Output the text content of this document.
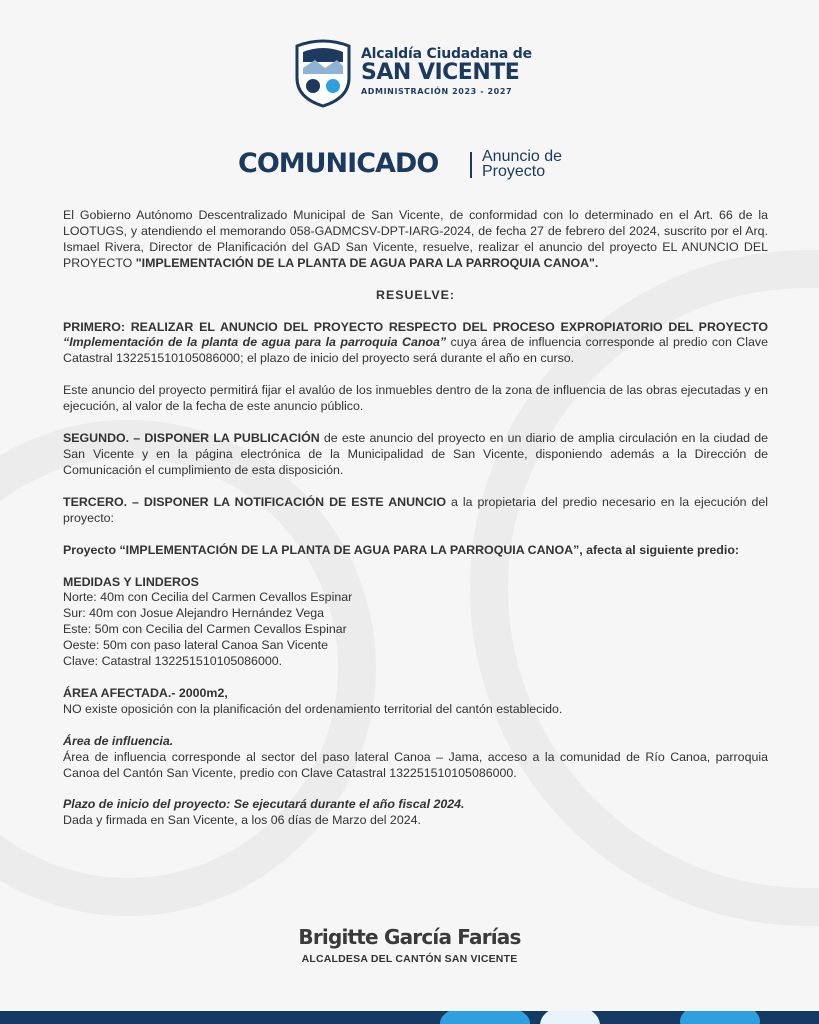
Alcaldía Ciudadana de
SAN VICENTE
ADMINISTRACIÓN 2023 - 2027
COMUNICADO	Anuncio de
Proyecto

El Gobierno Autónomo Descentralizado Municipal de San Vicente, de conformidad con lo determinado en el Art. 66 de la LOOTUGS, y atendiendo el memorando 058-GADMCSV-DPT-IARG-2024, de fecha 27 de febrero del 2024, suscrito por el Arq. Ismael Rivera, Director de Planificación del GAD San Vicente, resuelve, realizar el anuncio del proyecto EL ANUNCIO DEL PROYECTO "IMPLEMENTACIÓN DE LA PLANTA DE AGUA PARA LA PARROQUIA CANOA".

RESUELVE:

PRIMERO: REALIZAR EL ANUNCIO DEL PROYECTO RESPECTO DEL PROCESO EXPROPIATORIO DEL PROYECTO “Implementación de la planta de agua para la parroquia Canoa” cuya área de influencia corresponde al predio con Clave Catastral 132251510105086000; el plazo de inicio del proyecto será durante el año en curso.

Este anuncio del proyecto permitirá fijar el avalúo de los inmuebles dentro de la zona de influencia de las obras ejecutadas y en ejecución, al valor de la fecha de este anuncio público.

SEGUNDO. – DISPONER LA PUBLICACIÓN de este anuncio del proyecto en un diario de amplia circulación en la ciudad de San Vicente y en la página electrónica de la Municipalidad de San Vicente, disponiendo además a la Dirección de Comunicación el cumplimiento de esta disposición.

TERCERO. – DISPONER LA NOTIFICACIÓN DE ESTE ANUNCIO a la propietaria del predio necesario en la ejecución del proyecto:

Proyecto “IMPLEMENTACIÓN DE LA PLANTA DE AGUA PARA LA PARROQUIA CANOA”, afecta al siguiente predio:

MEDIDAS Y LINDEROS

Norte: 40m con Cecilia del Carmen Cevallos Espinar

Sur: 40m con Josue Alejandro Hernández Vega

Este: 50m con Cecilia del Carmen Cevallos Espinar

Oeste: 50m con paso lateral Canoa San Vicente

Clave: Catastral 132251510105086000.

ÁREA AFECTADA.- 2000m2,

NO existe oposición con la planificación del ordenamiento territorial del cantón establecido.

Área de influencia.

Área de influencia corresponde al sector del paso lateral Canoa – Jama, acceso a la comunidad de Río Canoa, parroquia Canoa del Cantón San Vicente, predio con Clave Catastral 132251510105086000.

Plazo de inicio del proyecto: Se ejecutará durante el año fiscal 2024.

Dada y firmada en San Vicente, a los 06 días de Marzo del 2024.

Brigitte García Farías
ALCALDESA DEL CANTÓN SAN VICENTE
